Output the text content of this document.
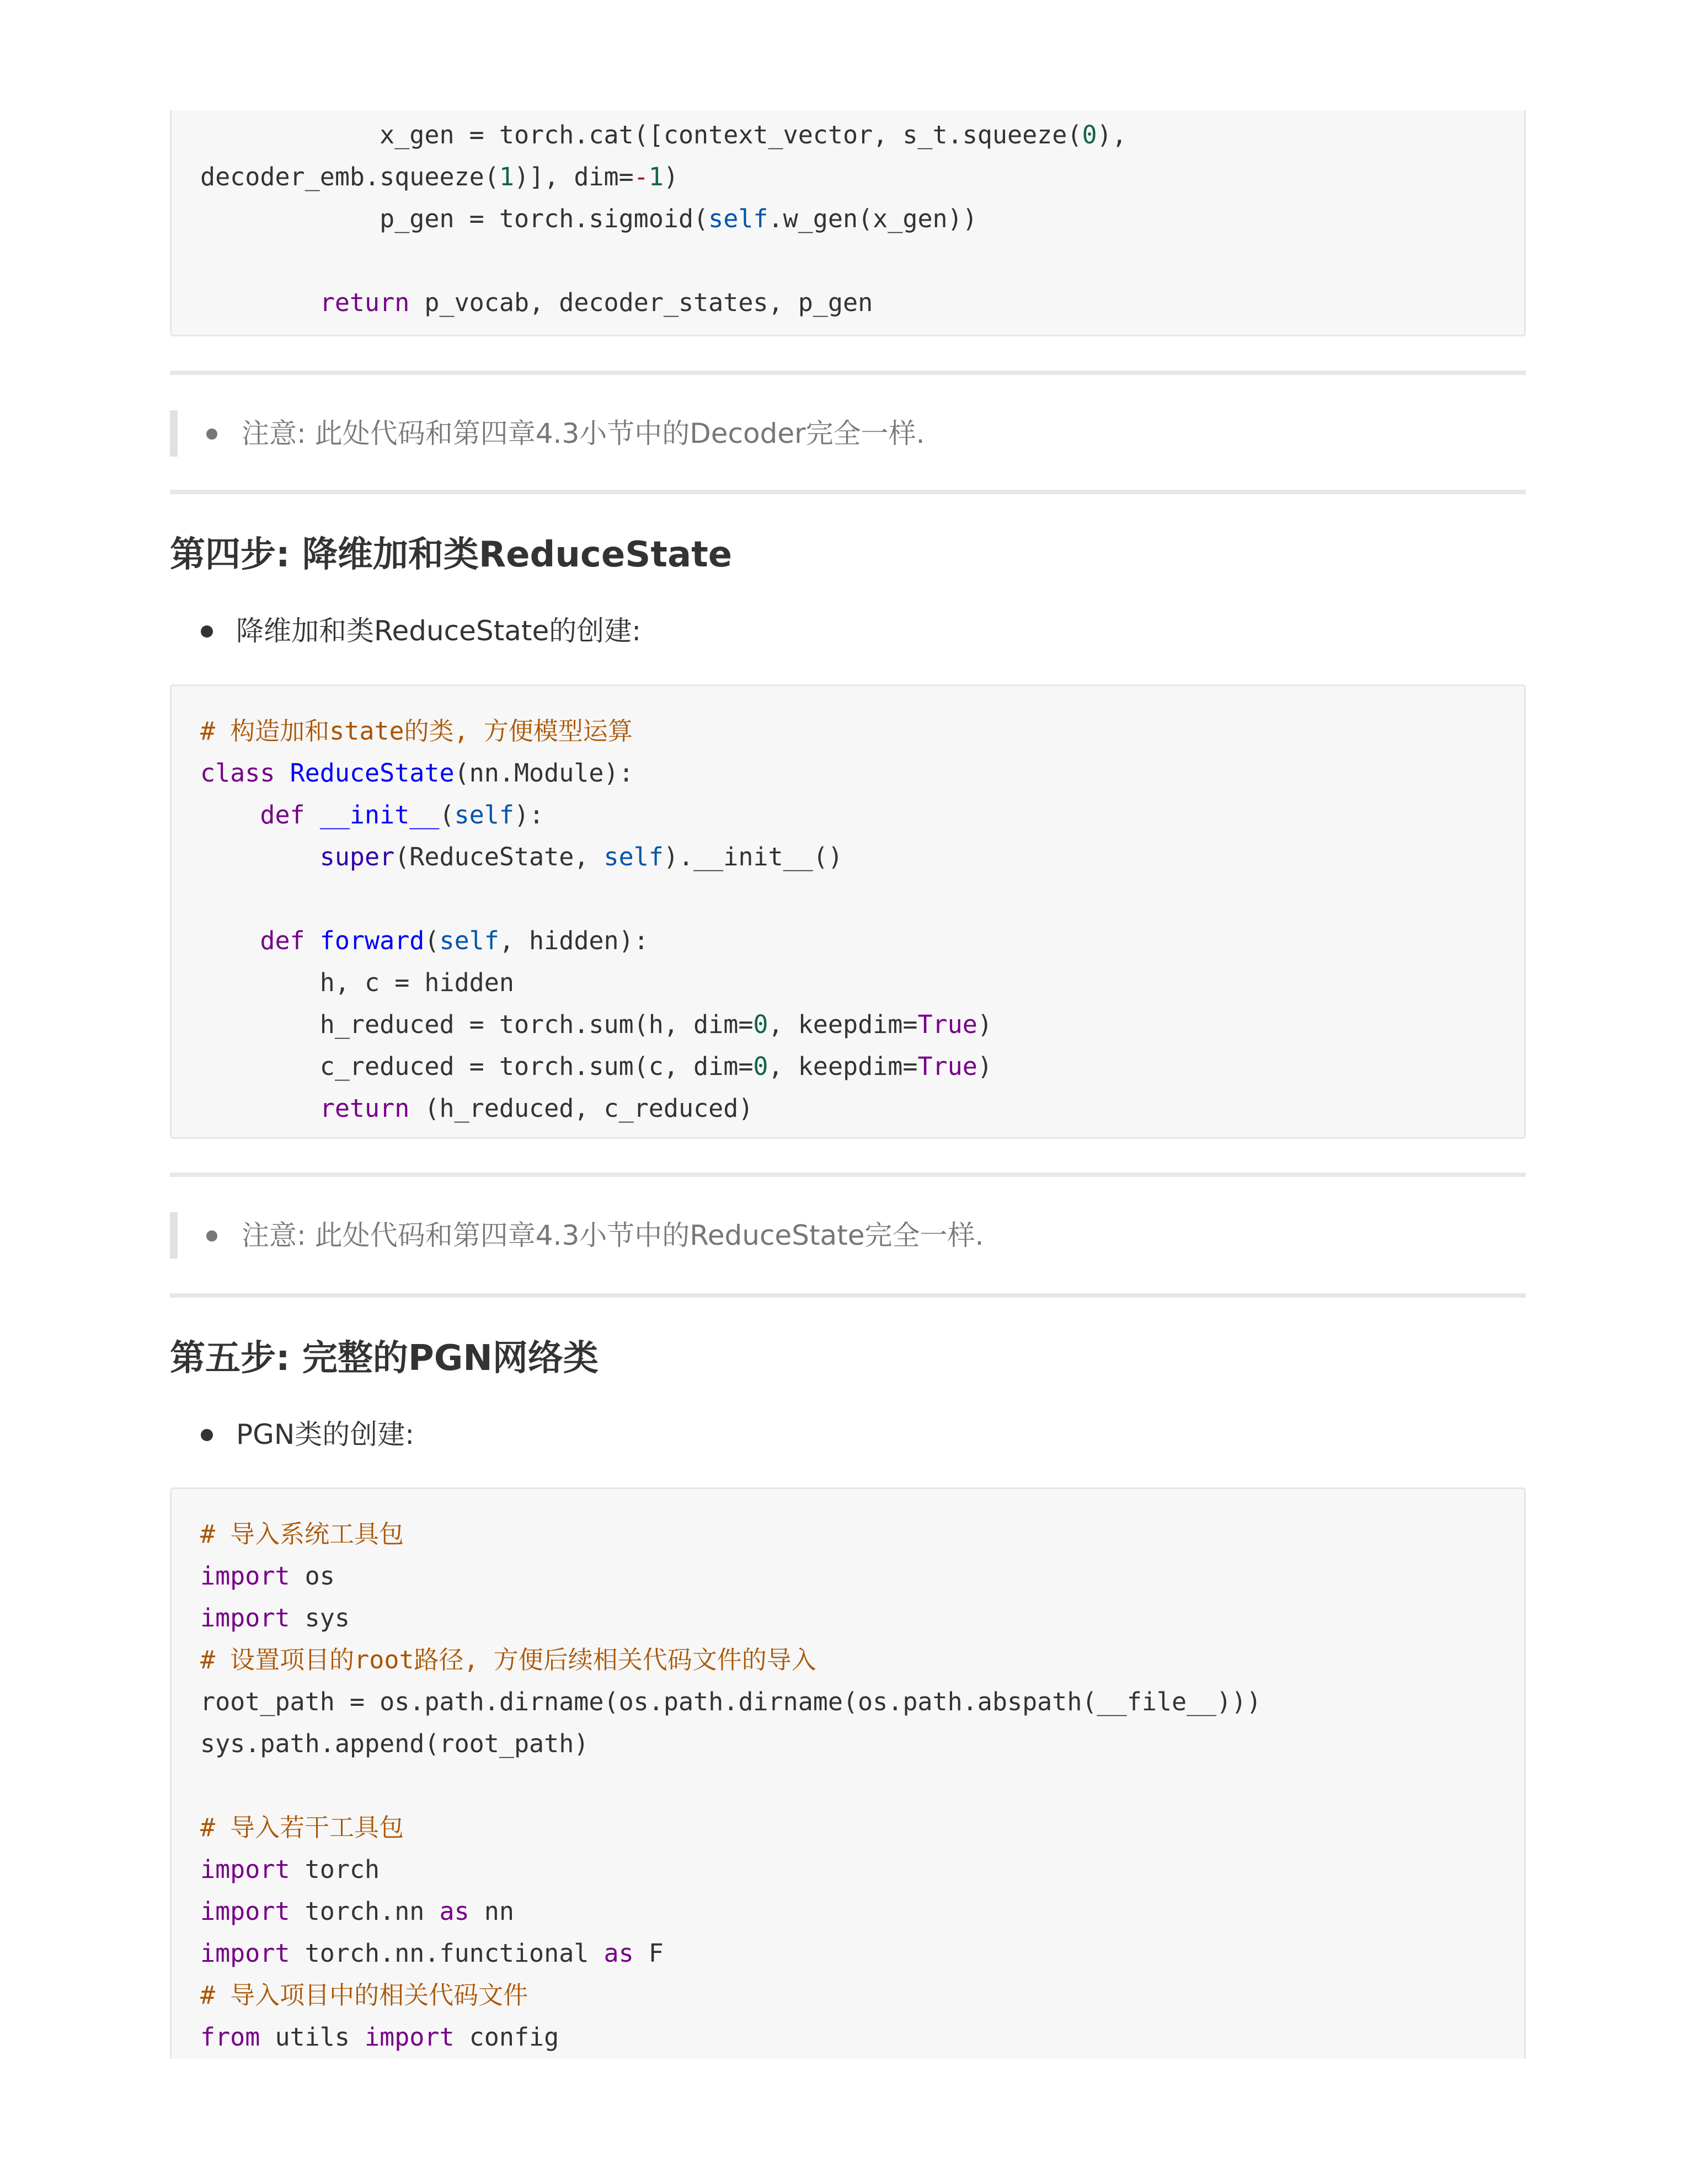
x_gen = torch.cat([context_vector, s_t.squeeze(0),
decoder_emb.squeeze(1)], dim=-1)
p_gen = torch.sigmoid(self.w_gen(x_gen))

return p_vocab, decoder_states, p_gen
注意: 此处代码和第四章4.3小节中的Decoder完全一样.
第四步: 降维加和类ReduceState
降维加和类ReduceState的创建:
# 构造加和state的类, 方便模型运算
class ReduceState(nn.Module):
def __init__(self):
super(ReduceState, self).__init__()

def forward(self, hidden):
h, c = hidden
h_reduced = torch.sum(h, dim=0, keepdim=True)
c_reduced = torch.sum(c, dim=0, keepdim=True)
return (h_reduced, c_reduced)
注意: 此处代码和第四章4.3小节中的ReduceState完全一样.
第五步: 完整的PGN网络类
PGN类的创建:
# 导入系统工具包
import os
import sys
# 设置项目的root路径, 方便后续相关代码文件的导入
root_path = os.path.dirname(os.path.dirname(os.path.abspath(__file__)))
sys.path.append(root_path)

# 导入若干工具包
import torch
import torch.nn as nn
import torch.nn.functional as F
# 导入项目中的相关代码文件
from utils import config
